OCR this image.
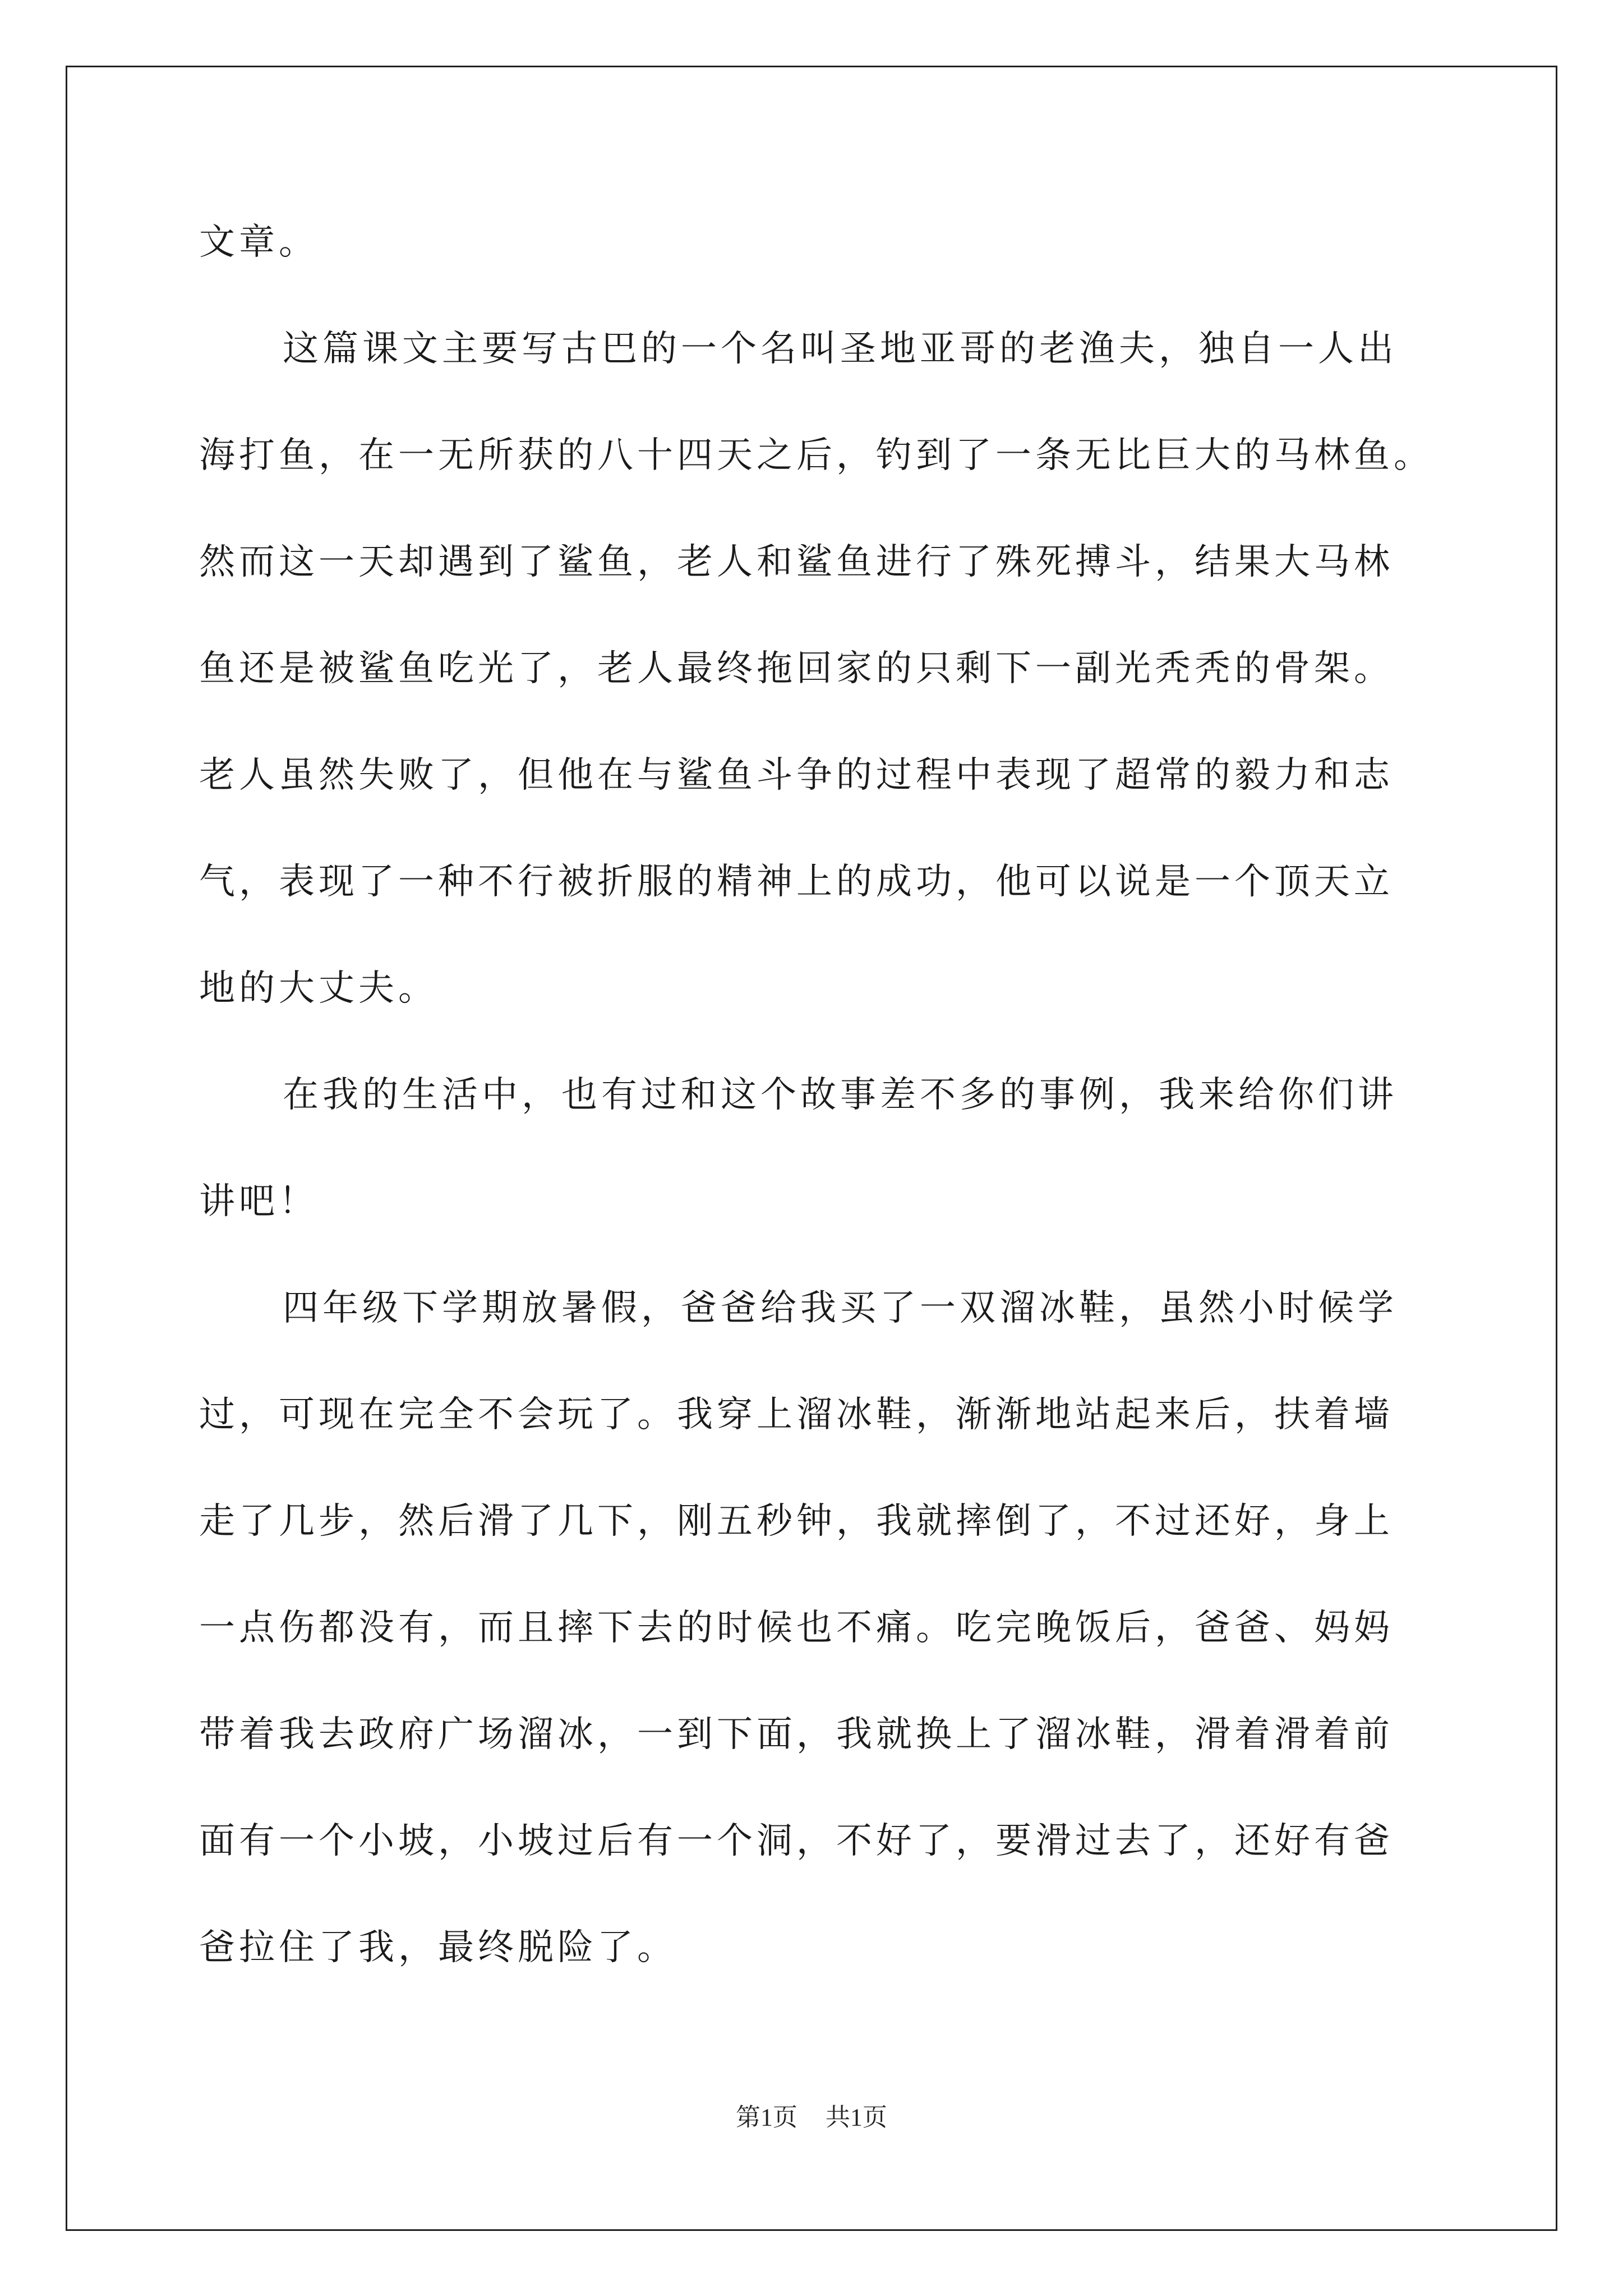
文章。
这篇课文主要写古巴的一个名叫圣地亚哥的老渔夫，独自一人出
海打鱼，在一无所获的八十四天之后，钓到了一条无比巨大的马林鱼。
然而这一天却遇到了鲨鱼，老人和鲨鱼进行了殊死搏斗，结果大马林
鱼还是被鲨鱼吃光了，老人最终拖回家的只剩下一副光秃秃的骨架。
老人虽然失败了，但他在与鲨鱼斗争的过程中表现了超常的毅力和志
气，表现了一种不行被折服的精神上的成功，他可以说是一个顶天立
地的大丈夫。
在我的生活中，也有过和这个故事差不多的事例，我来给你们讲
讲吧！
四年级下学期放暑假，爸爸给我买了一双溜冰鞋，虽然小时候学
过，可现在完全不会玩了。我穿上溜冰鞋，渐渐地站起来后，扶着墙
走了几步，然后滑了几下，刚五秒钟，我就摔倒了，不过还好，身上
一点伤都没有，而且摔下去的时候也不痛。吃完晚饭后，爸爸、妈妈
带着我去政府广场溜冰，一到下面，我就换上了溜冰鞋，滑着滑着前
面有一个小坡，小坡过后有一个洞，不好了，要滑过去了，还好有爸
爸拉住了我，最终脱险了。
第1页 共1页
